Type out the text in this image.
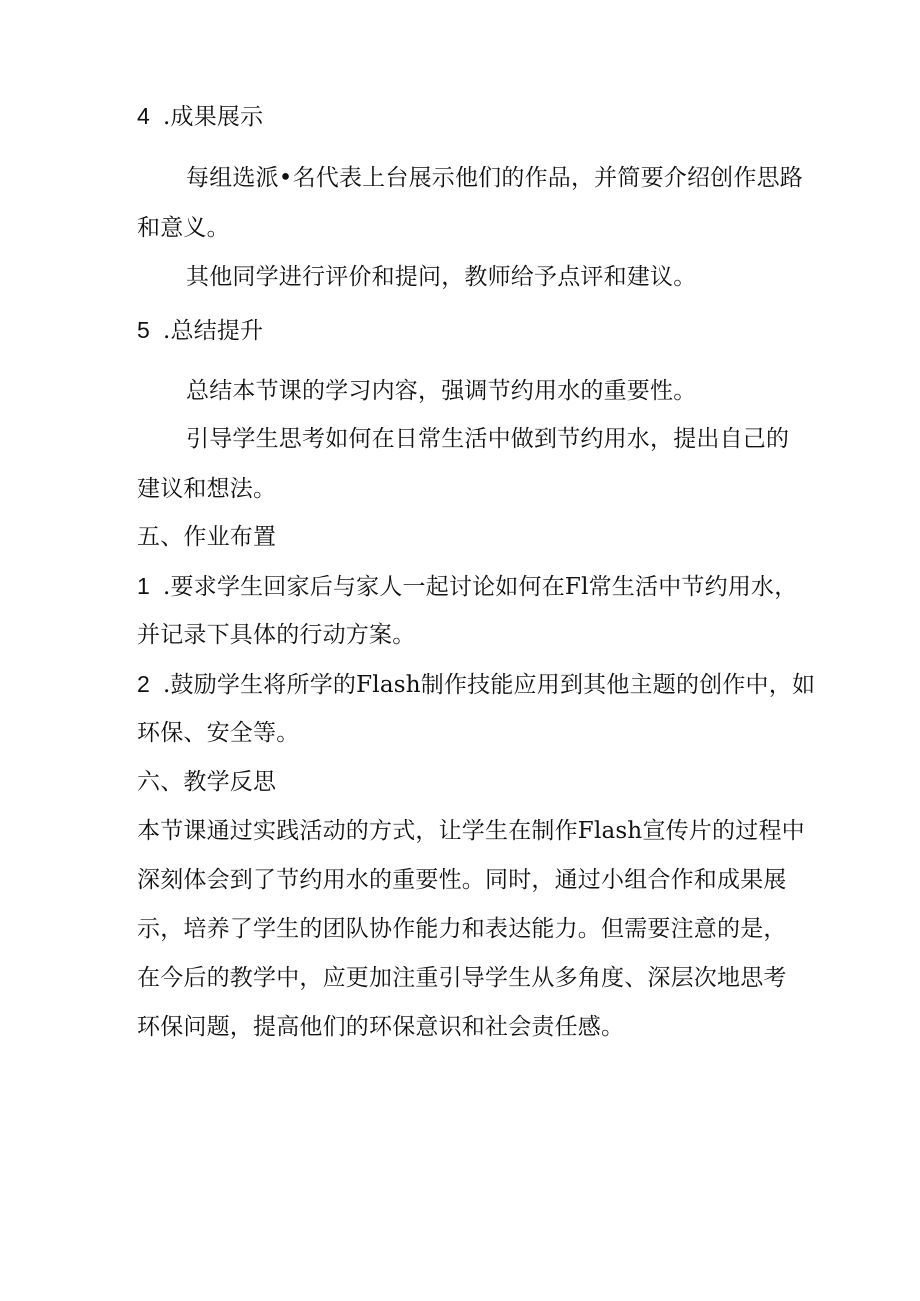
4 .成果展示
每组选派•名代表上台展示他们的作品，并简要介绍创作思路
和意义。
其他同学进行评价和提问，教师给予点评和建议。
5 .总结提升
总结本节课的学习内容，强调节约用水的重要性。
引导学生思考如何在日常生活中做到节约用水，提出自己的
建议和想法。
五、作业布置
1 .要求学生回家后与家人一起讨论如何在Fl常生活中节约用水，
并记录下具体的行动方案。
2 .鼓励学生将所学的Flash制作技能应用到其他主题的创作中，如
环保、安全等。
六、教学反思
本节课通过实践活动的方式，让学生在制作Flash宣传片的过程中
深刻体会到了节约用水的重要性。同时，通过小组合作和成果展
示，培养了学生的团队协作能力和表达能力。但需要注意的是，
在今后的教学中，应更加注重引导学生从多角度、深层次地思考
环保问题，提高他们的环保意识和社会责任感。
